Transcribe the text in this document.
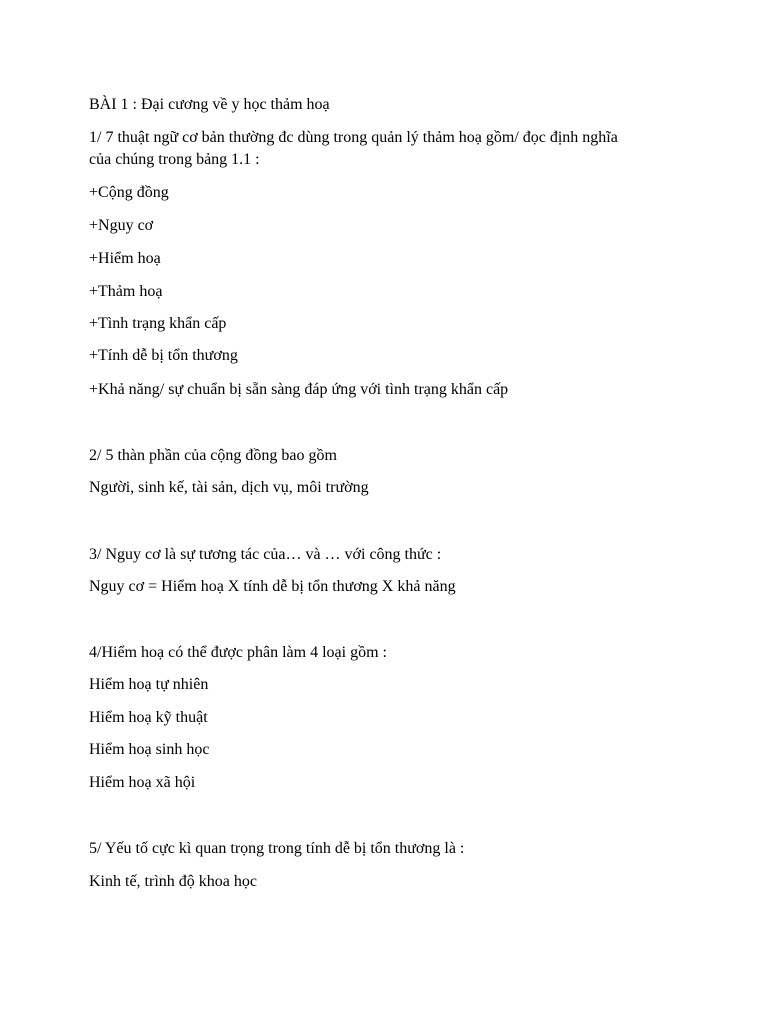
BÀI 1 : Đại cương về y học thảm hoạ
1/ 7 thuật ngữ cơ bản thường đc dùng trong quản lý thảm hoạ gồm/ đọc định nghĩa
của chúng trong bảng 1.1 :
+Cộng đồng
+Nguy cơ
+Hiểm hoạ
+Thảm hoạ
+Tình trạng khẩn cấp
+Tính dễ bị tổn thương
+Khả năng/ sự chuẩn bị sẵn sàng đáp ứng với tình trạng khẩn cấp
2/ 5 thàn phần của cộng đồng bao gồm
Người, sinh kế, tài sản, dịch vụ, môi trường
3/ Nguy cơ là sự tương tác của… và … với công thức :
Nguy cơ = Hiểm hoạ X tính dễ bị tổn thương X khả năng
4/Hiểm hoạ có thể được phân làm 4 loại gồm :
Hiểm hoạ tự nhiên
Hiểm hoạ kỹ thuật
Hiểm hoạ sinh học
Hiểm hoạ xã hội
5/ Yếu tố cực kì quan trọng trong tính dễ bị tổn thương là :
Kinh tế, trình độ khoa học
